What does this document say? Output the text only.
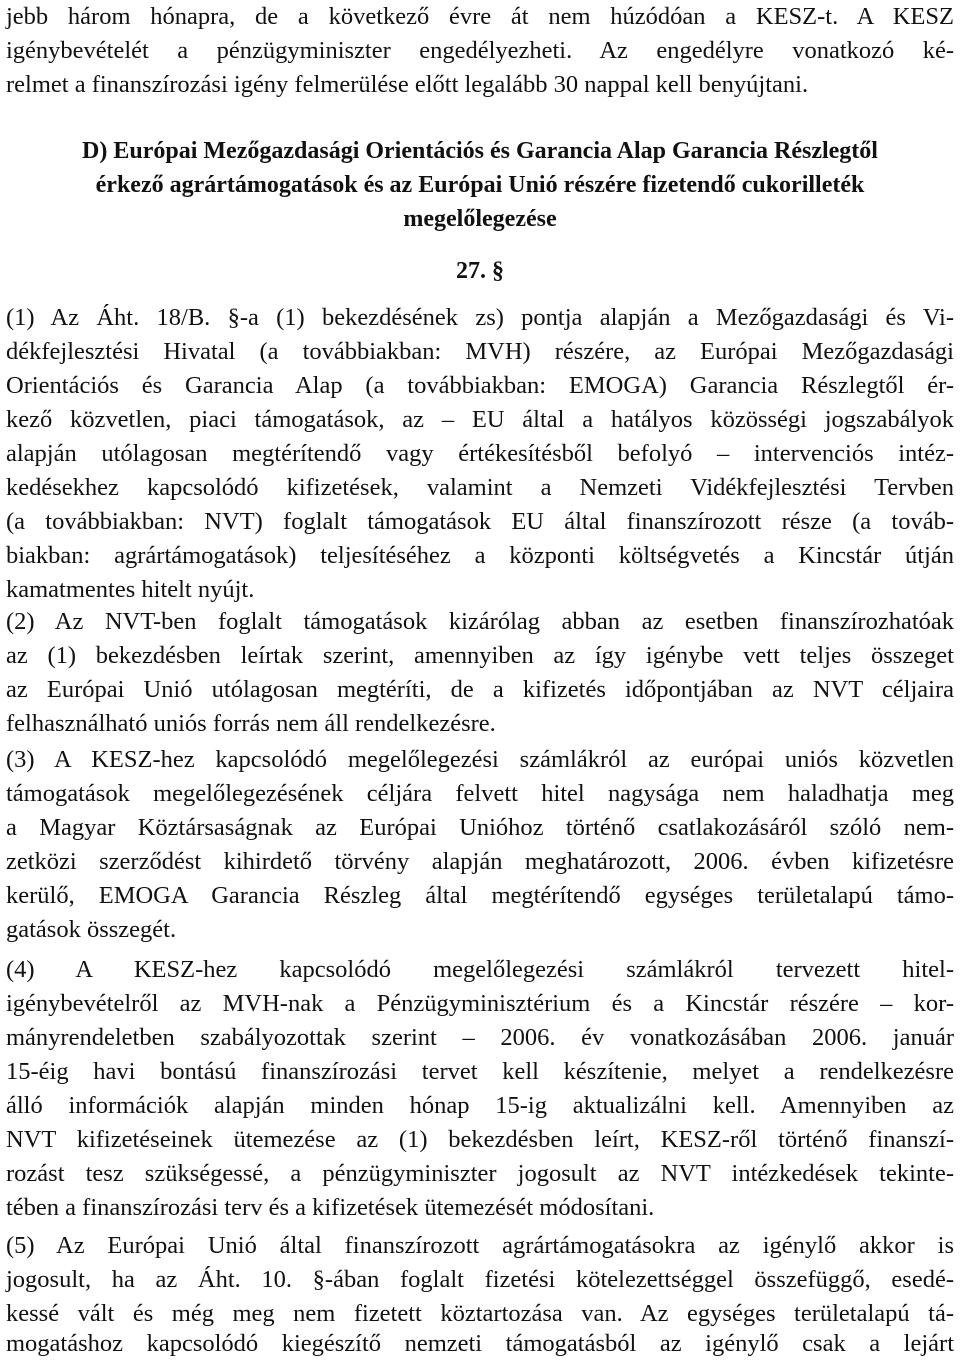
jebb három hónapra, de a következő évre át nem húzódóan a KESZ-t. A KESZ

igénybevételét a pénzügyminiszter engedélyezheti. Az engedélyre vonatkozó ké-

relmet a finanszírozási igény felmerülése előtt legalább 30 nappal kell benyújtani.

D) Európai Mezőgazdasági Orientációs és Garancia Alap Garancia Részlegtől

érkező agrártámogatások és az Európai Unió részére fizetendő cukorilleték

megelőlegezése

27. §

(1) Az Áht. 18/B. §-a (1) bekezdésének zs) pontja alapján a Mezőgazdasági és Vi-

dékfejlesztési Hivatal (a továbbiakban: MVH) részére, az Európai Mezőgazdasági

Orientációs és Garancia Alap (a továbbiakban: EMOGA) Garancia Részlegtől ér-

kező közvetlen, piaci támogatások, az – EU által a hatályos közösségi jogszabályok

alapján utólagosan megtérítendő vagy értékesítésből befolyó – intervenciós intéz-

kedésekhez kapcsolódó kifizetések, valamint a Nemzeti Vidékfejlesztési Tervben

(a továbbiakban: NVT) foglalt támogatások EU által finanszírozott része (a továb-

biakban: agrártámogatások) teljesítéséhez a központi költségvetés a Kincstár útján

kamatmentes hitelt nyújt.

(2) Az NVT-ben foglalt támogatások kizárólag abban az esetben finanszírozhatóak

az (1) bekezdésben leírtak szerint, amennyiben az így igénybe vett teljes összeget

az Európai Unió utólagosan megtéríti, de a kifizetés időpontjában az NVT céljaira

felhasználható uniós forrás nem áll rendelkezésre.

(3) A KESZ-hez kapcsolódó megelőlegezési számlákról az európai uniós közvetlen

támogatások megelőlegezésének céljára felvett hitel nagysága nem haladhatja meg

a Magyar Köztársaságnak az Európai Unióhoz történő csatlakozásáról szóló nem-

zetközi szerződést kihirdető törvény alapján meghatározott, 2006. évben kifizetésre

kerülő, EMOGA Garancia Részleg által megtérítendő egységes területalapú támo-

gatások összegét.

(4) A KESZ-hez kapcsolódó megelőlegezési számlákról tervezett hitel-

igénybevételről az MVH-nak a Pénzügyminisztérium és a Kincstár részére – kor-

mányrendeletben szabályozottak szerint – 2006. év vonatkozásában 2006. január

15-éig havi bontású finanszírozási tervet kell készítenie, melyet a rendelkezésre

álló információk alapján minden hónap 15-ig aktualizálni kell. Amennyiben az

NVT kifizetéseinek ütemezése az (1) bekezdésben leírt, KESZ-ről történő finanszí-

rozást tesz szükségessé, a pénzügyminiszter jogosult az NVT intézkedések tekinte-

tében a finanszírozási terv és a kifizetések ütemezését módosítani.

(5) Az Európai Unió által finanszírozott agrártámogatásokra az igénylő akkor is

jogosult, ha az Áht. 10. §-ában foglalt fizetési kötelezettséggel összefüggő, esedé-

kessé vált és még meg nem fizetett köztartozása van. Az egységes területalapú tá-

mogatáshoz kapcsolódó kiegészítő nemzeti támogatásból az igénylő csak a lejárt
